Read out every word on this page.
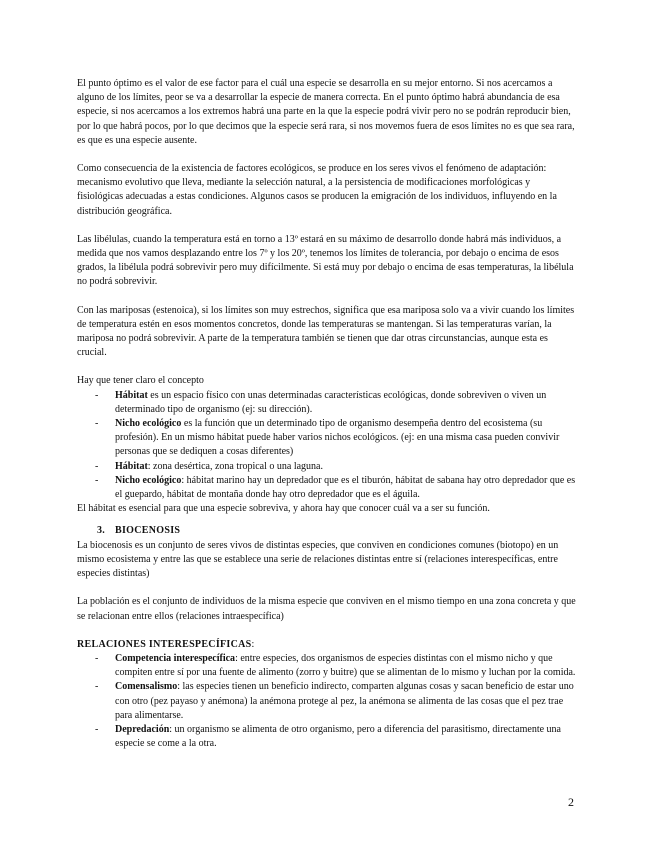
El punto óptimo es el valor de ese factor para el cuál una especie se desarrolla en su mejor entorno. Si nos acercamos a alguno de los límites, peor se va a desarrollar la especie de manera correcta. En el punto óptimo habrá abundancia de esa especie, si nos acercamos a los extremos habrá una parte en la que la especie podrá vivir pero no se podrán reproducir bien, por lo que habrá pocos, por lo que decimos que la especie será rara, si nos movemos fuera de esos límites no es que sea rara, es que es una especie ausente.

Como consecuencia de la existencia de factores ecológicos, se produce en los seres vivos el fenómeno de adaptación: mecanismo evolutivo que lleva, mediante la selección natural, a la persistencia de modificaciones morfológicas y fisiológicas adecuadas a estas condiciones. Algunos casos se producen la emigración de los individuos, influyendo en la distribución geográfica.

Las libélulas, cuando la temperatura está en torno a 13º estará en su máximo de desarrollo donde habrá más individuos, a medida que nos vamos desplazando entre los 7º y los 20º, tenemos los límites de tolerancia, por debajo o encima de esos grados, la libélula podrá sobrevivir pero muy difícilmente. Si está muy por debajo o encima de esas temperaturas, la libélula no podrá sobrevivir.

Con las mariposas (estenoica), si los límites son muy estrechos, significa que esa mariposa solo va a vivir cuando los límites de temperatura estén en esos momentos concretos, donde las temperaturas se mantengan. Si las temperaturas varían, la mariposa no podrá sobrevivir. A parte de la temperatura también se tienen que dar otras circunstancias, aunque esta es crucial.

Hay que tener claro el concepto

- Hábitat es un espacio físico con unas determinadas características ecológicas, donde sobreviven o viven un determinado tipo de organismo (ej: su dirección).
- Nicho ecológico es la función que un determinado tipo de organismo desempeña dentro del ecosistema (su profesión). En un mismo hábitat puede haber varios nichos ecológicos. (ej: en una misma casa pueden convivir personas que se dediquen a cosas diferentes)
- Hábitat: zona desértica, zona tropical o una laguna.
- Nicho ecológico: hábitat marino hay un depredador que es el tiburón, hábitat de sabana hay otro depredador que es el guepardo, hábitat de montaña donde hay otro depredador que es el águila.

El hábitat es esencial para que una especie sobreviva, y ahora hay que conocer cuál va a ser su función.

3. BIOCENOSIS

La biocenosis es un conjunto de seres vivos de distintas especies, que conviven en condiciones comunes (biotopo) en un mismo ecosistema y entre las que se establece una serie de relaciones distintas entre sí (relaciones interespecíficas, entre especies distintas)

La población es el conjunto de individuos de la misma especie que conviven en el mismo tiempo en una zona concreta y que se relacionan entre ellos (relaciones intraespecífica)

RELACIONES INTERESPECÍFICAS:

- Competencia interespecífica: entre especies, dos organismos de especies distintas con el mismo nicho y que compiten entre sí por una fuente de alimento (zorro y buitre) que se alimentan de lo mismo y luchan por la comida.
- Comensalismo: las especies tienen un beneficio indirecto, comparten algunas cosas y sacan beneficio de estar uno con otro (pez payaso y anémona) la anémona protege al pez, la anémona se alimenta de las cosas que el pez trae para alimentarse.
- Depredación: un organismo se alimenta de otro organismo, pero a diferencia del parasitismo, directamente una especie se come a la otra.
2
